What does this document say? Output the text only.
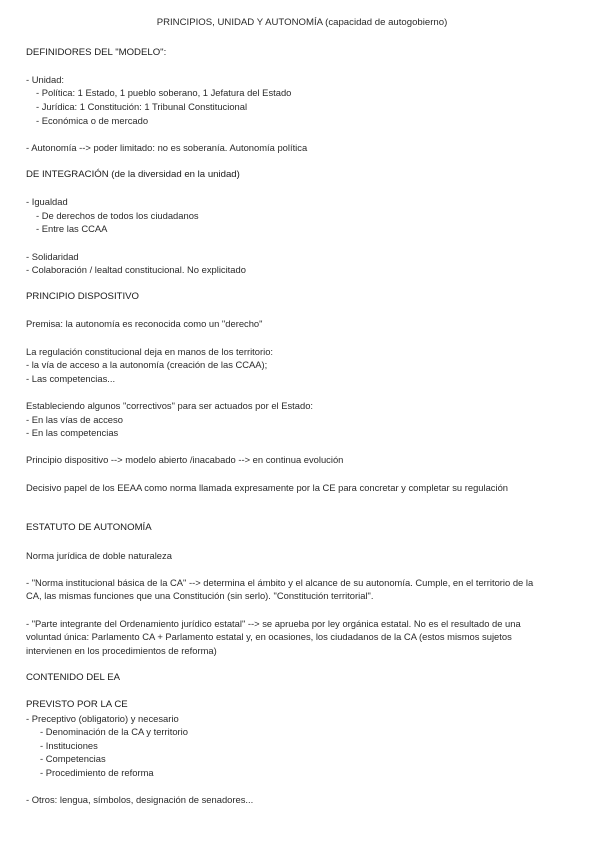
PRINCIPIOS, UNIDAD Y AUTONOMÍA (capacidad de autogobierno)

DEFINIDORES DEL "MODELO":

- Unidad:

- Política: 1 Estado, 1 pueblo soberano, 1 Jefatura del Estado

- Jurídica: 1 Constitución: 1 Tribunal Constitucional

- Económica o de mercado

- Autonomía --> poder limitado: no es soberanía. Autonomía política

DE INTEGRACIÓN (de la diversidad en la unidad)

- Igualdad

- De derechos de todos los ciudadanos

- Entre las CCAA

- Solidaridad

- Colaboración / lealtad constitucional. No explicitado

PRINCIPIO DISPOSITIVO

Premisa: la autonomía es reconocida como un "derecho"

La regulación constitucional deja en manos de los territorio:

- la vía de acceso a la autonomía (creación de las CCAA);

- Las competencias...

Estableciendo algunos "correctivos" para ser actuados por el Estado:

- En las vías de acceso

- En las competencias

Principio dispositivo --> modelo abierto /inacabado --> en continua evolución

Decisivo papel de los EEAA como norma llamada expresamente por la CE para concretar y completar su regulación

ESTATUTO DE AUTONOMÍA

Norma jurídica de doble naturaleza

- "Norma institucional básica de la CA" --> determina el ámbito y el alcance de su autonomía. Cumple, en el territorio de la

CA, las mismas funciones que una Constitución (sin serlo). "Constitución territorial".

- "Parte integrante del Ordenamiento jurídico estatal" --> se aprueba por ley orgánica estatal. No es el resultado de una

voluntad única: Parlamento CA + Parlamento estatal y, en ocasiones, los ciudadanos de la CA (estos mismos sujetos

intervienen en los procedimientos de reforma)

CONTENIDO DEL EA

PREVISTO POR LA CE

- Preceptivo (obligatorio) y necesario

- Denominación de la CA y territorio

- Instituciones

- Competencias

- Procedimiento de reforma

- Otros: lengua, símbolos, designación de senadores...
